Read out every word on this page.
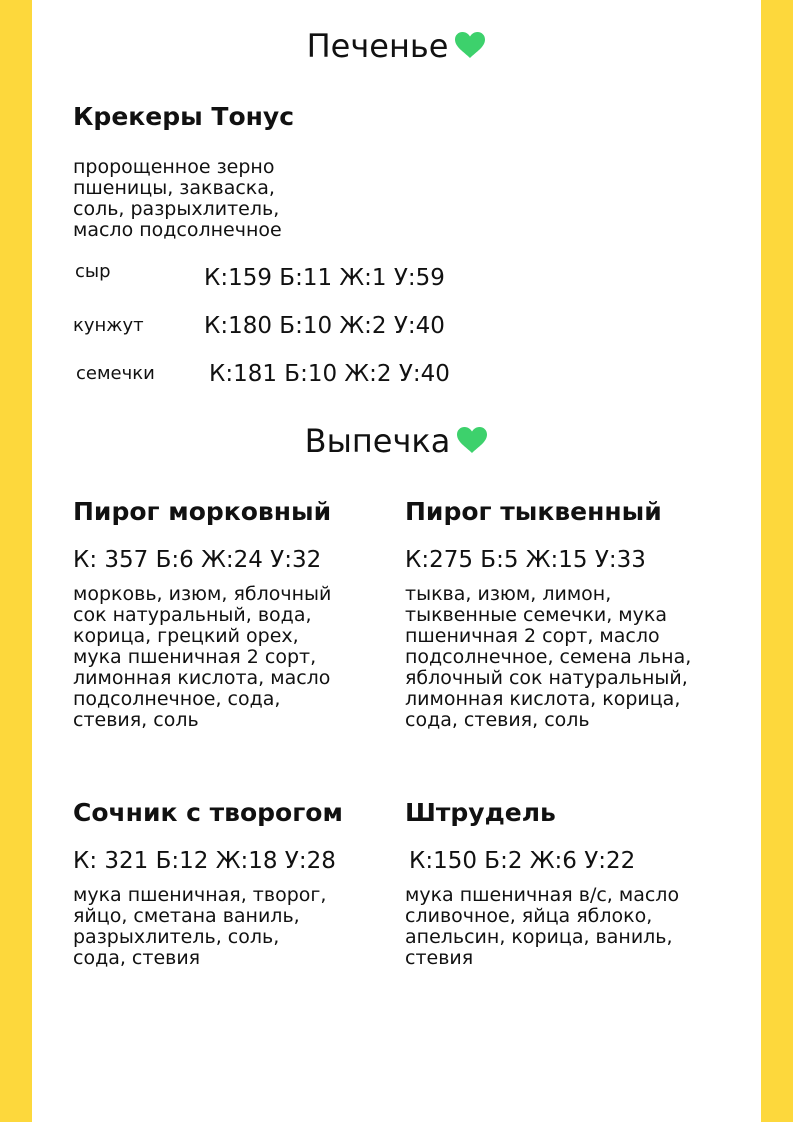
Печенье
Крекеры Тонус
пророщенное зерно
пшеницы, закваска,
соль, разрыхлитель,
масло подсолнечное
сыр	К:159 Б:11 Ж:1 У:59
кунжут	К:180 Б:10 Ж:2 У:40
семечки К:181 Б:10 Ж:2 У:40
Выпечка
Пирог морковный
К: 357 Б:6 Ж:24 У:32
морковь, изюм, яблочный
сок натуральный, вода,
корица, грецкий орех,
мука пшеничная 2 сорт,
лимонная кислота, масло
подсолнечное, сода,
стевия, соль
Пирог тыквенный
К:275 Б:5 Ж:15 У:33
тыква, изюм, лимон,
тыквенные семечки, мука
пшеничная 2 сорт, масло
подсолнечное, семена льна,
яблочный сок натуральный,
лимонная кислота, корица,
сода, стевия, соль
Сочник с творогом
К: 321 Б:12 Ж:18 У:28
мука пшеничная, творог,
яйцо, сметана ваниль,
разрыхлитель, соль,
сода, стевия
Штрудель
К:150 Б:2 Ж:6 У:22
мука пшеничная в/с, масло
сливочное, яйца яблоко,
апельсин, корица, ваниль,
стевия
